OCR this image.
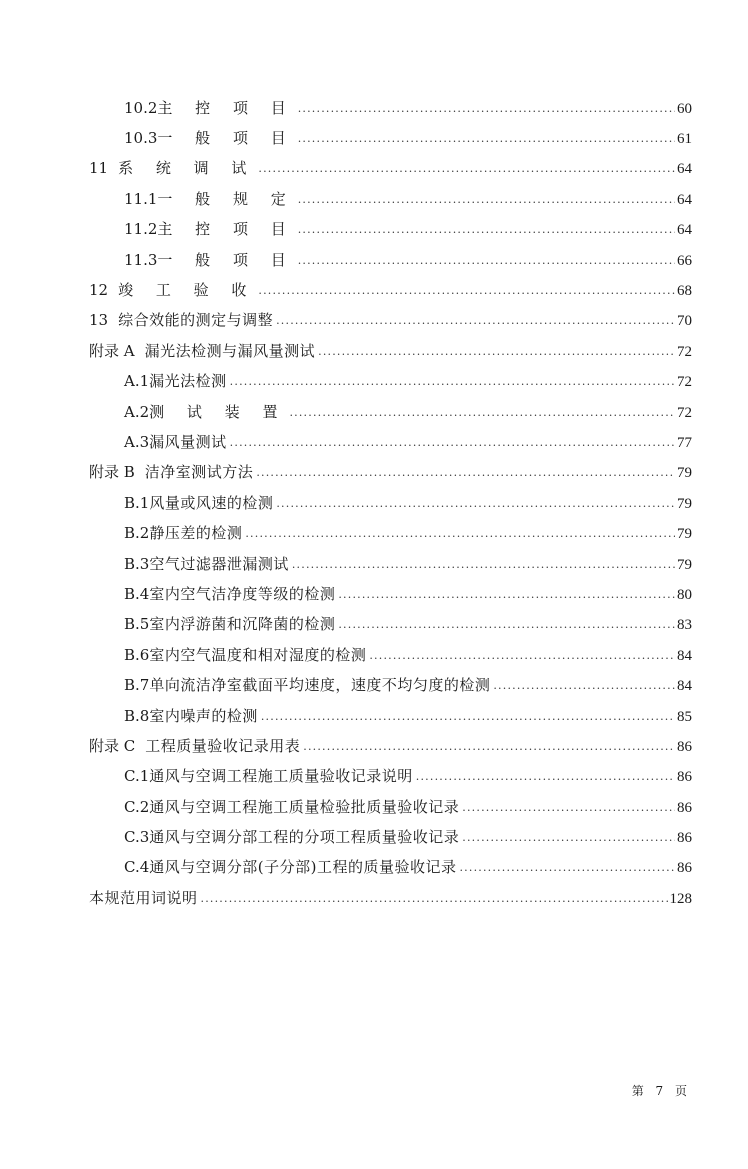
10.2 主 控 项 目 .....	60
10.3 一 般 项 目 .....	61
11 系 统 调 试 .....	64
11.1 一 般 规 定 .....	64
11.2 主 控 项 目 .....	64
11.3 一 般 项 目 .....	66
12 竣 工 验 收 .....	68
13 综合效能的测定与调整 .....	70
附录 A 漏光法检测与漏风量测试 .....	72
A.1 漏光法检测 .....	72
A.2 测 试 装 置 .....	72
A.3 漏风量测试 .....	77
附录 B 洁净室测试方法 .....	79
B.1 风量或风速的检测 .....	79
B.2 静压差的检测 .....	79
B.3 空气过滤器泄漏测试 .....	79
B.4 室内空气洁净度等级的检测 .....	80
B.5 室内浮游菌和沉降菌的检测 .....	83
B.6 室内空气温度和相对湿度的检测 .....	84
B.7 单向流洁净室截面平均速度，速度不均匀度的检测 .....	84
B.8 室内噪声的检测 .....	85
附录 C 工程质量验收记录用表 .....	86
C.1 通风与空调工程施工质量验收记录说明 .....	86
C.2 通风与空调工程施工质量检验批质量验收记录 .....	86
C.3 通风与空调分部工程的分项工程质量验收记录 .....	86
C.4 通风与空调分部(子分部)工程的质量验收记录 .....	86
本规范用词说明 .....	128
第 7 页
